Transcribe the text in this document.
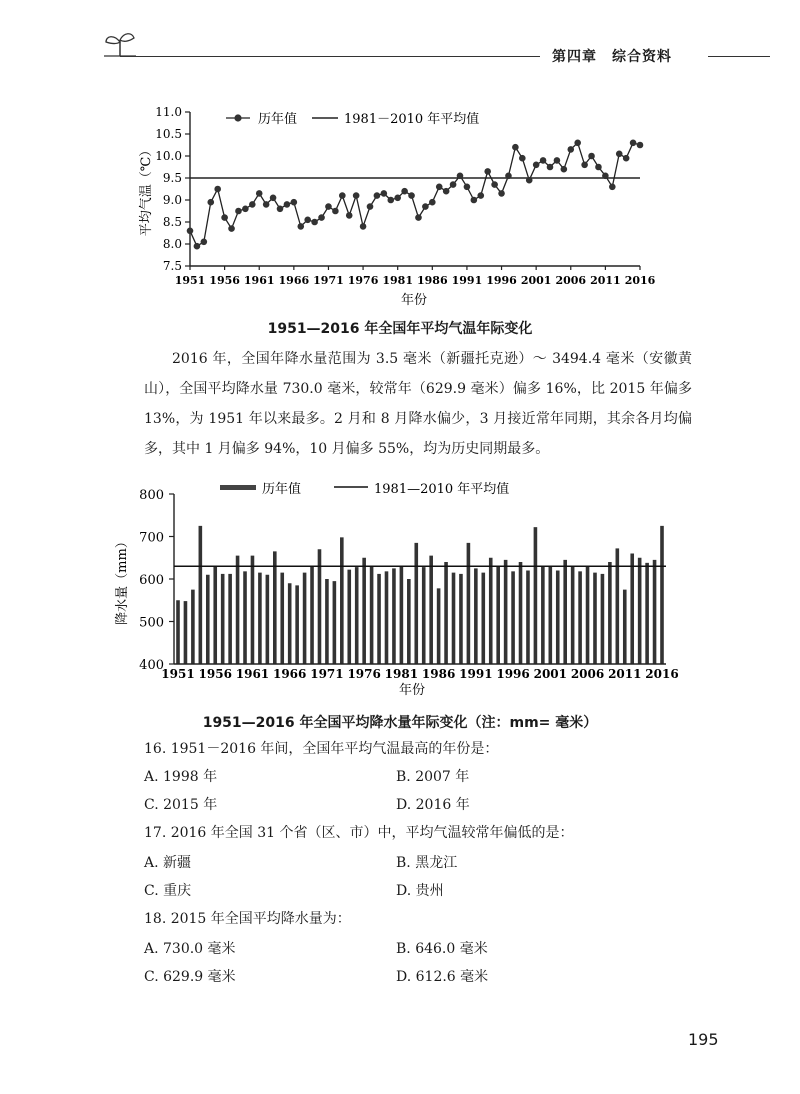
第四章　综合资料
7.5
8.0
8.5
9.0
9.5
10.0
10.5
11.0
1951 1956 1961 1966 1971 1976 1981 1986 1991 1996 2001 2006 2011 2016
历年值	1981－2010 年平均值
平均气温（℃）
年份
1951—2016 年全国年平均气温年际变化

2016 年，全国年降水量范围为 3.5 毫米（新疆托克逊）～ 3494.4 毫米（安徽黄山），全国平均降水量 730.0 毫米，较常年（629.9 毫米）偏多 16%，比 2015 年偏多 13%，为 1951 年以来最多。2 月和 8 月降水偏少，3 月接近常年同期，其余各月均偏多，其中 1 月偏多 94%，10 月偏多 55%，均为历史同期最多。

400
500
600
700
800
1951 1956 1961 1966 1971 1976 1981 1986 1991 1996 2001 2006 2011 2016
历年值	1981—2010 年平均值
降水量（mm）
年份
1951—2016 年全国平均降水量年际变化（注：mm= 毫米）
16. 1951－2016 年间，全国年平均气温最高的年份是：
A. 1998 年	B. 2007 年
C. 2015 年	D. 2016 年
17. 2016 年全国 31 个省（区、市）中，平均气温较常年偏低的是：
A. 新疆	B. 黑龙江
C. 重庆	D. 贵州
18. 2015 年全国平均降水量为：
A. 730.0 毫米	B. 646.0 毫米
C. 629.9 毫米	D. 612.6 毫米
195
